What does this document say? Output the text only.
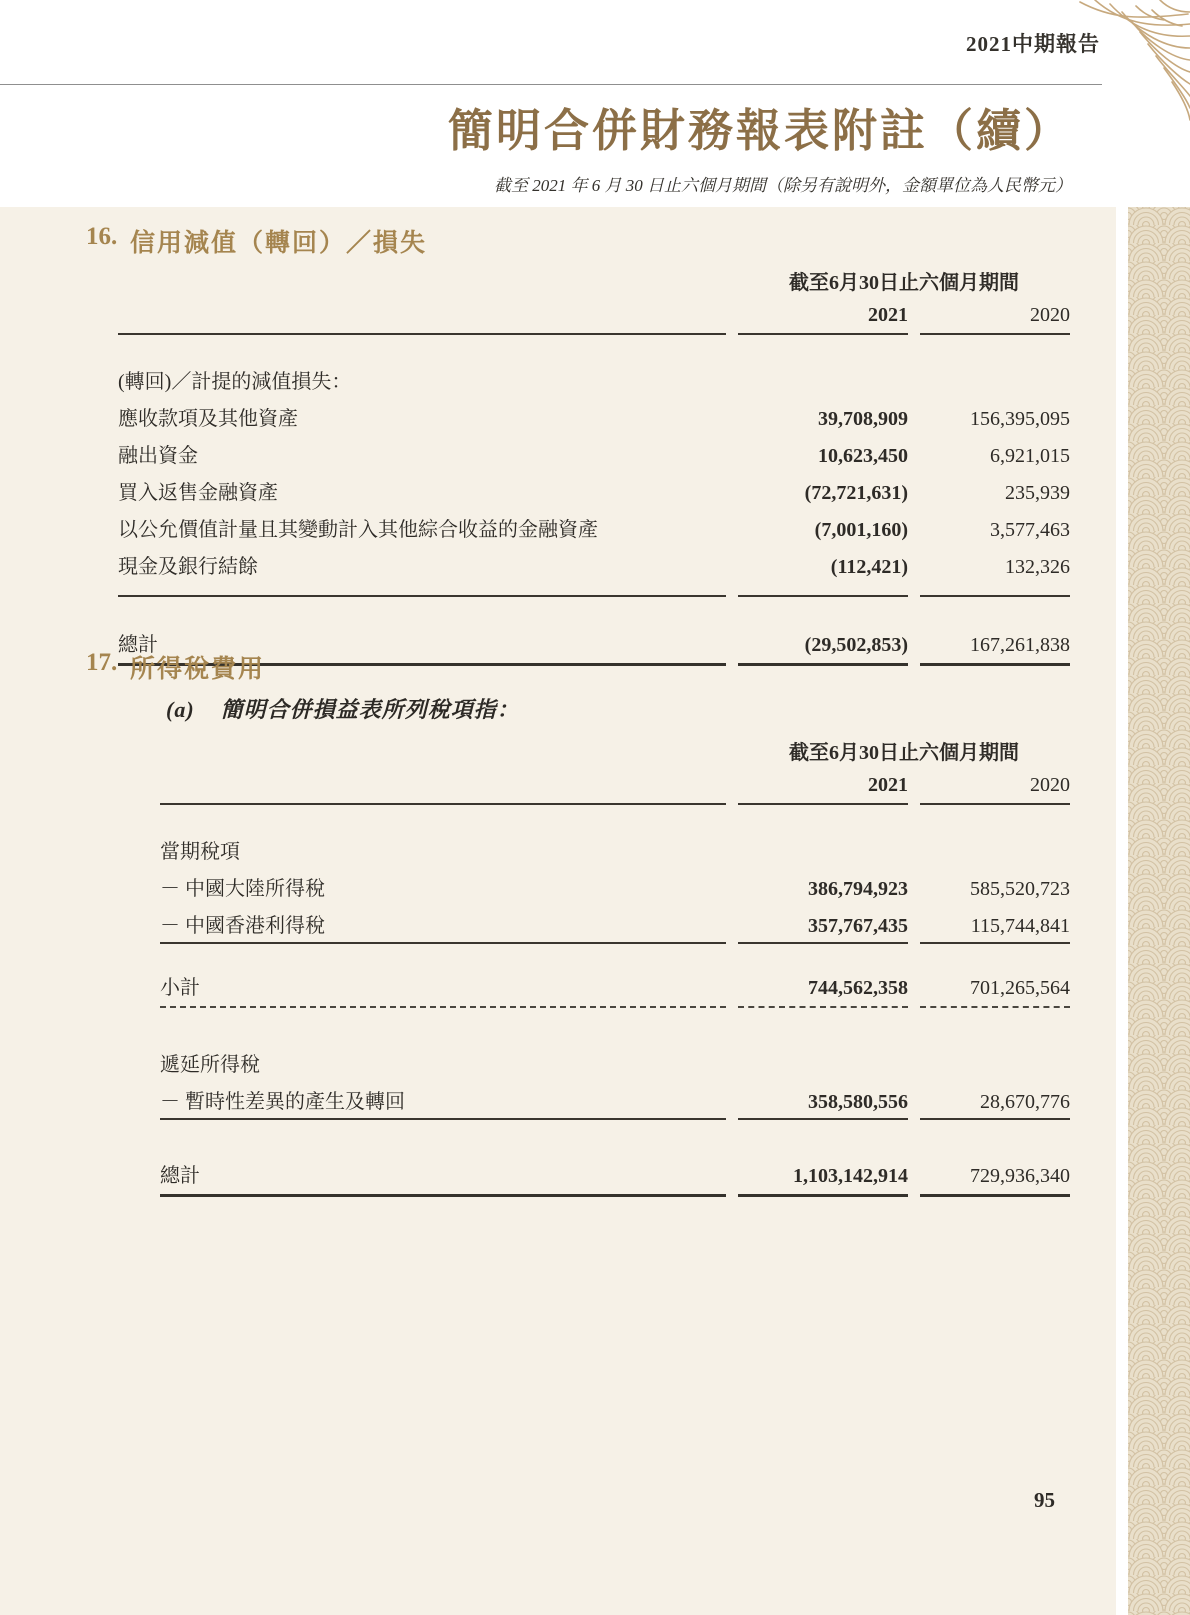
2021中期報告
簡明合併財務報表附註（續）
截至 2021 年 6 月 30 日止六個月期間（除另有說明外，金額單位為人民幣元）
16. 信用減值（轉回）／損失
	截至6月30日止六個月期間	
	2021	2020

(轉回)／計提的減值損失：		
應收款項及其他資產	39,708,909	156,395,095
融出資金	10,623,450	6,921,015
買入返售金融資產	(72,721,631)	235,939
以公允價值計量且其變動計入其他綜合收益的金融資產	(7,001,160)	3,577,463
現金及銀行結餘	(112,421)	132,326

總計	(29,502,853)	167,261,838
17. 所得稅費用
(a) 簡明合併損益表所列稅項指：
	截至6月30日止六個月期間	
	2021	2020

當期稅項		
－ 中國大陸所得稅	386,794,923	585,520,723
－ 中國香港利得稅	357,767,435	115,744,841

小計	744,562,358	701,265,564

遞延所得稅		
－ 暫時性差異的產生及轉回	358,580,556	28,670,776

總計	1,103,142,914	729,936,340
95
